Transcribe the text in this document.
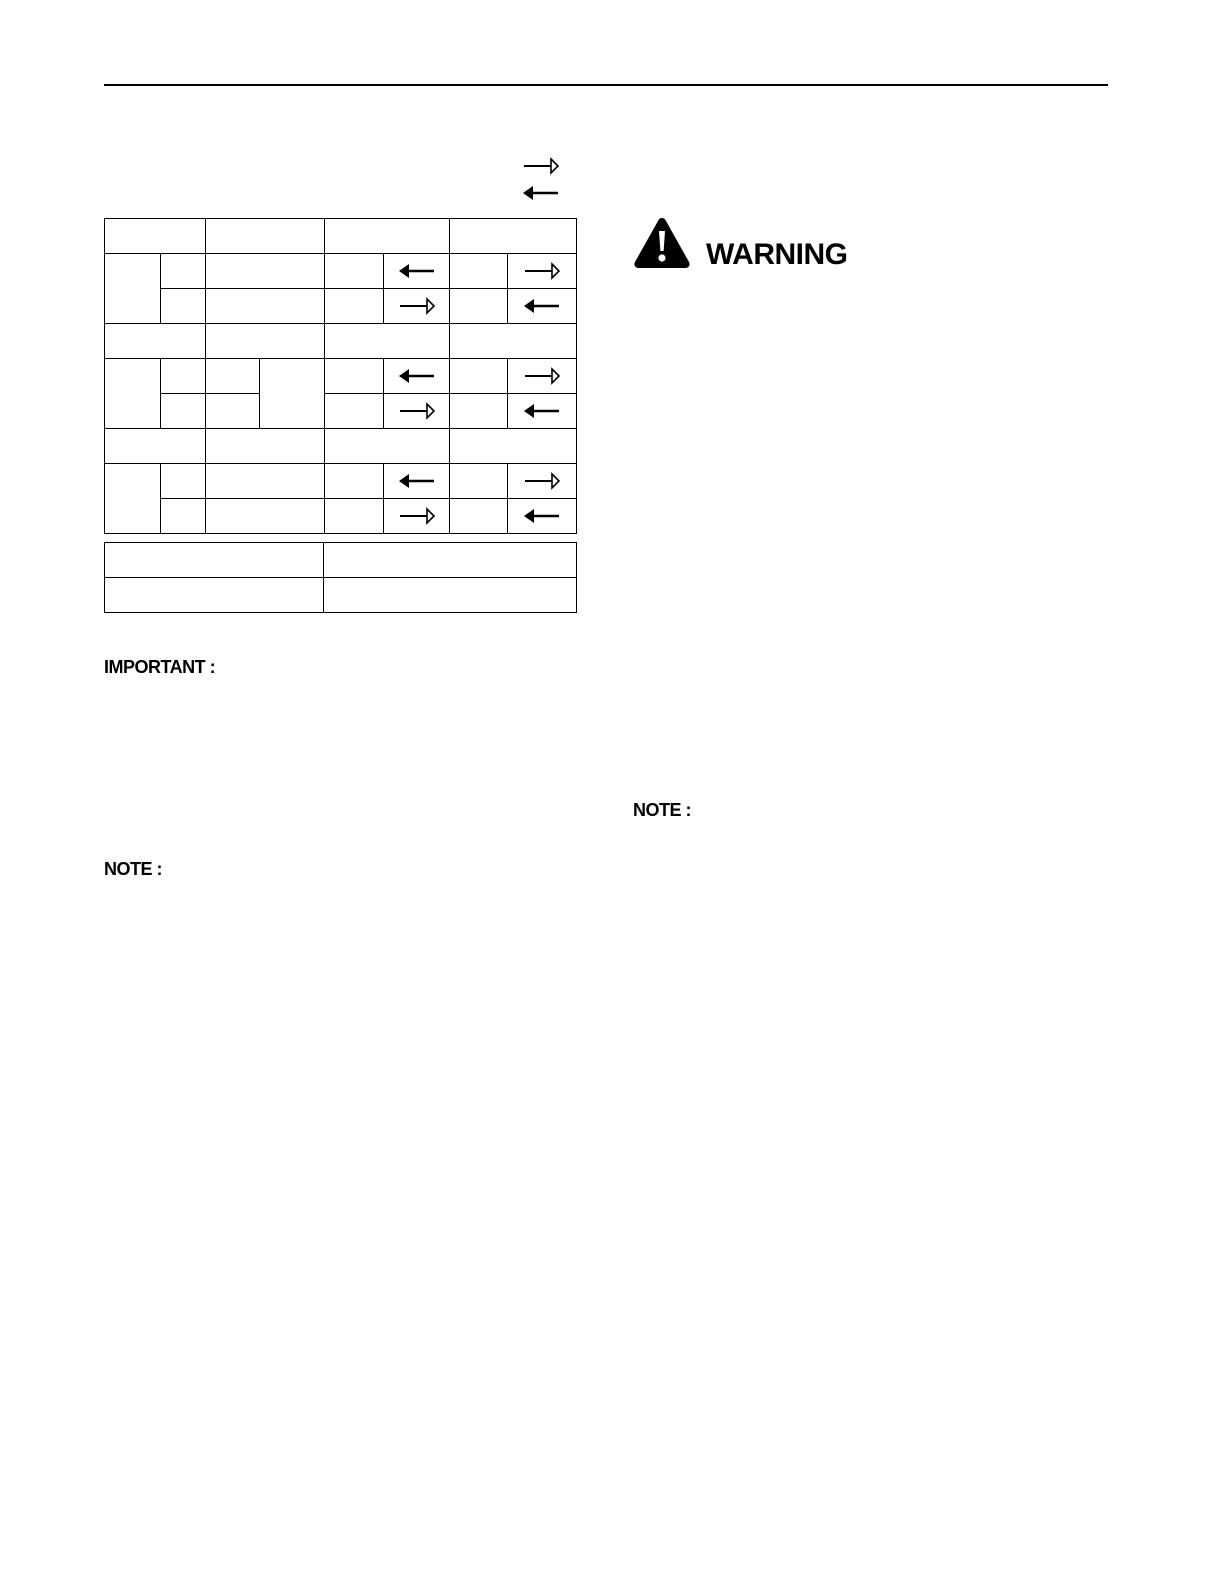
IMPORTANT :
NOTE :
WARNING
NOTE :
